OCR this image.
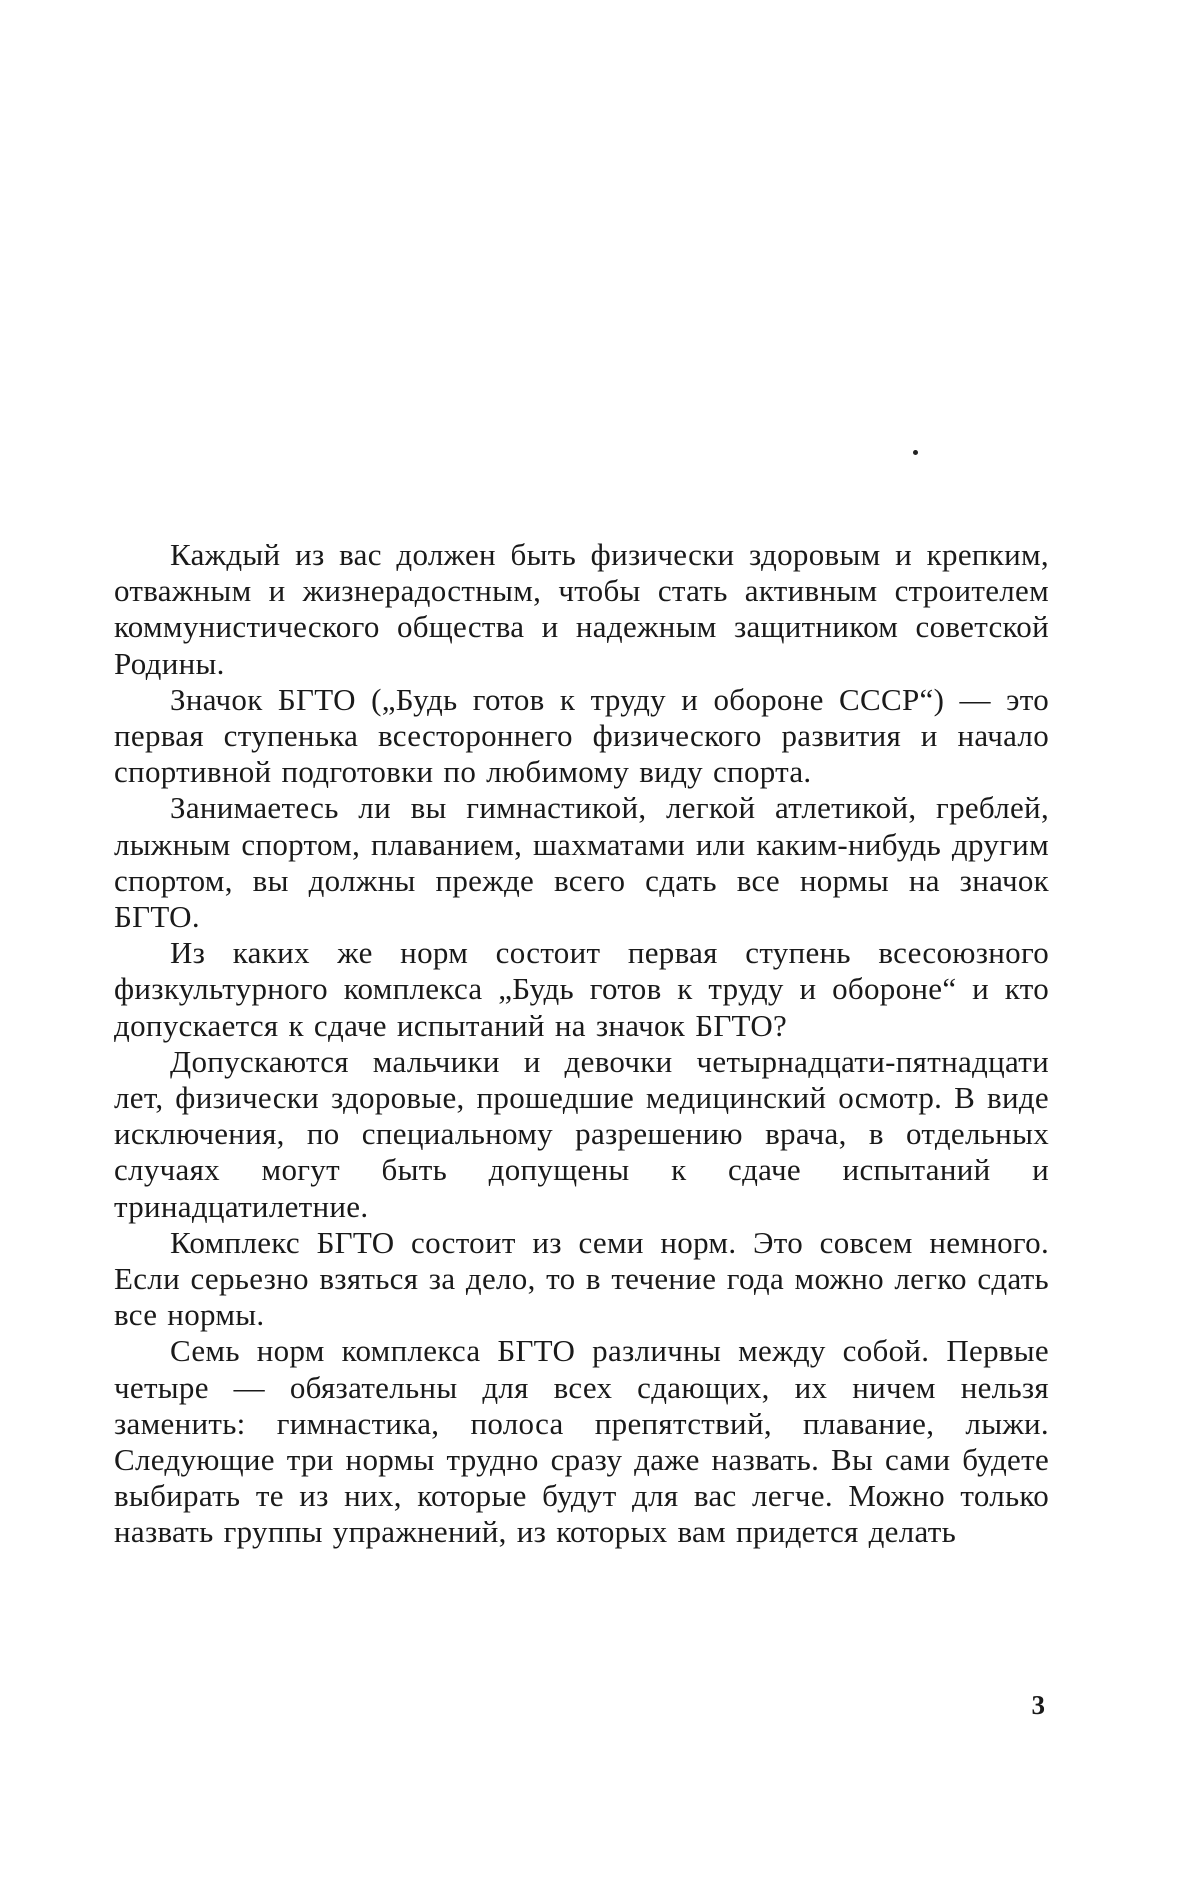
Каждый из вас должен быть физически здоровым и крепким, отважным и жизнерадостным, чтобы стать активным строителем коммунистического общества и надежным защитником советской Родины.

Значок БГТО („Будь готов к труду и обороне СССР“) — это первая ступенька всестороннего физического развития и начало спортивной подготовки по любимому виду спорта.

Занимаетесь ли вы гимнастикой, легкой атлетикой, греблей, лыжным спортом, плаванием, шахматами или каким-нибудь другим спортом, вы должны прежде всего сдать все нормы на значок БГТО.

Из каких же норм состоит первая ступень всесоюзного физкультурного комплекса „Будь готов к труду и обороне“ и кто допускается к сдаче испытаний на значок БГТО?

Допускаются мальчики и девочки четырнадцати-пятнадцати лет, физически здоровые, прошедшие медицинский осмотр. В виде исключения, по специальному разрешению врача, в отдельных случаях могут быть допущены к сдаче испытаний и тринадцатилетние.

Комплекс БГТО состоит из семи норм. Это совсем немного. Если серьезно взяться за дело, то в течение года можно легко сдать все нормы.

Семь норм комплекса БГТО различны между собой. Первые четыре — обязательны для всех сдающих, их ничем нельзя заменить: гимнастика, полоса препятствий, плавание, лыжи. Следующие три нормы трудно сразу даже назвать. Вы сами будете выбирать те из них, которые будут для вас легче. Можно только назвать группы упражнений, из которых вам придется делать

3
